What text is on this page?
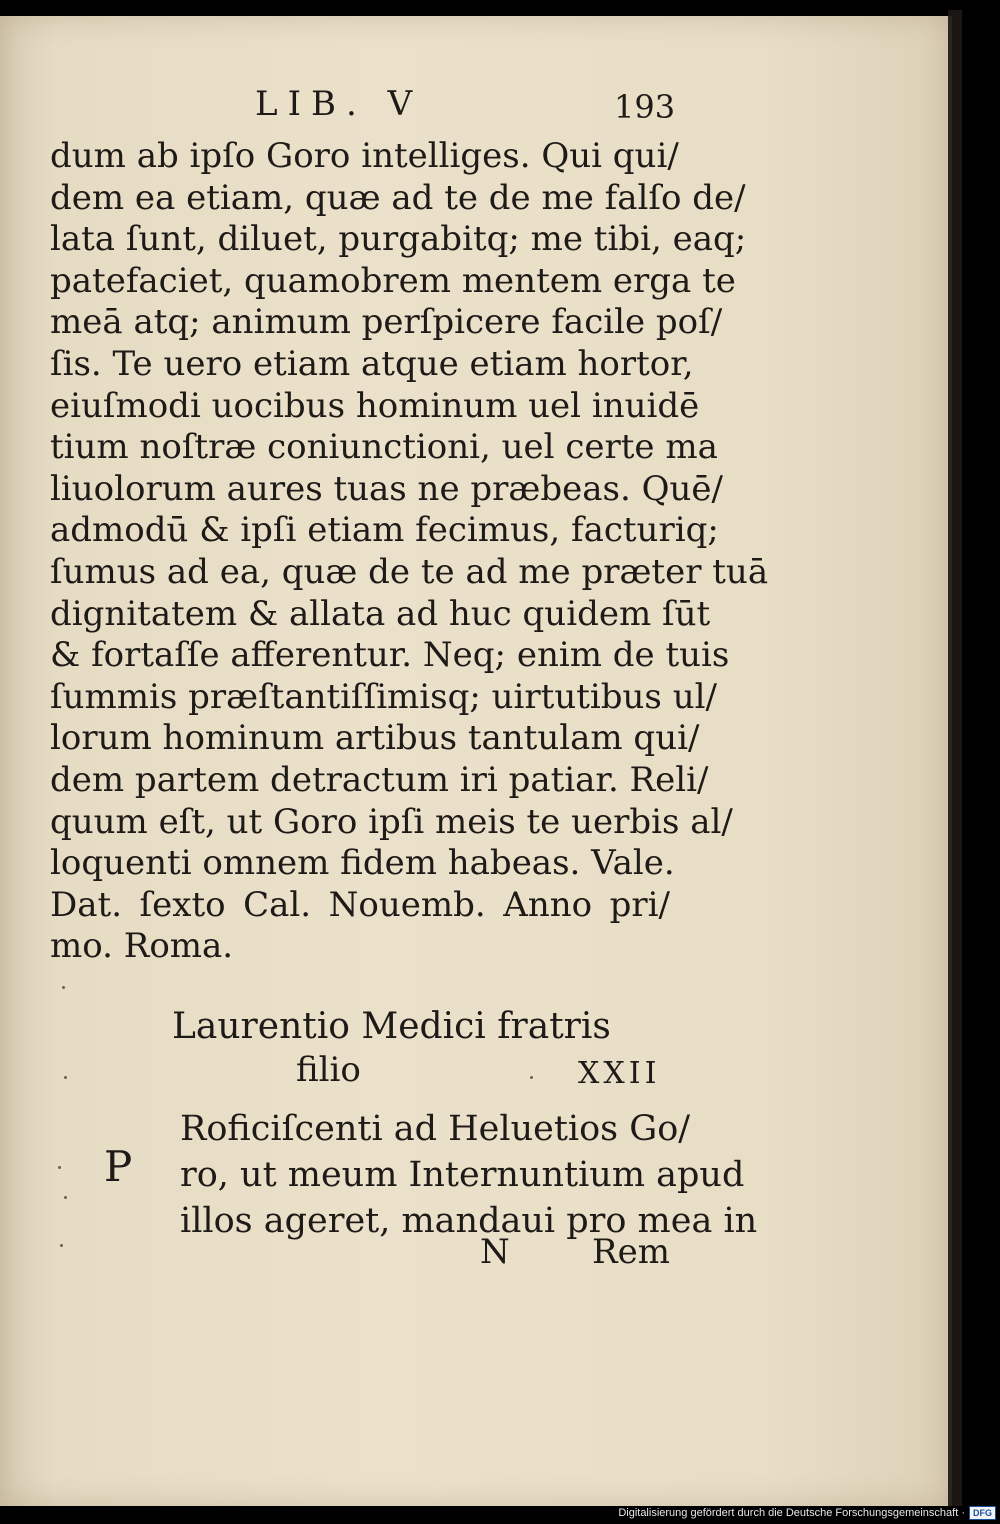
LIB. V	193
dum ab ipſo Goro intelliges. Qui qui/
dem ea etiam, quæ ad te de me falſo de/
lata ſunt, diluet, purgabitq; me tibi, eaq;
patefaciet, quamobrem mentem erga te
meā atq; animum perſpicere facile poſ/
ſis. Te uero etiam atque etiam hortor,
eiuſmodi uocibus hominum uel inuidē
tium noſtræ coniunctioni, uel certe ma
liuolorum aures tuas ne præbeas. Quē/
admodū & ipſi etiam fecimus, facturiq;
ſumus ad ea, quæ de te ad me præter tuā
dignitatem & allata ad huc quidem ſūt
& fortaſſe afferentur. Neq; enim de tuis
ſummis præſtantiſſimisq; uirtutibus ul/
lorum hominum artibus tantulam qui/
dem partem detractum iri patiar. Reli/
quum eſt, ut Goro ipſi meis te uerbis al/
loquenti omnem fidem habeas. Vale.
Dat. ſexto Cal. Nouemb. Anno pri/
mo. Roma.
Laurentio Medici fratris
filio	XXII
P
Roficiſcenti ad Heluetios Go/
ro, ut meum Internuntium apud
illos ageret, mandaui pro mea in
N Rem
Digitalisierung gefördert durch die Deutsche Forschungsgemeinschaft · DFG
